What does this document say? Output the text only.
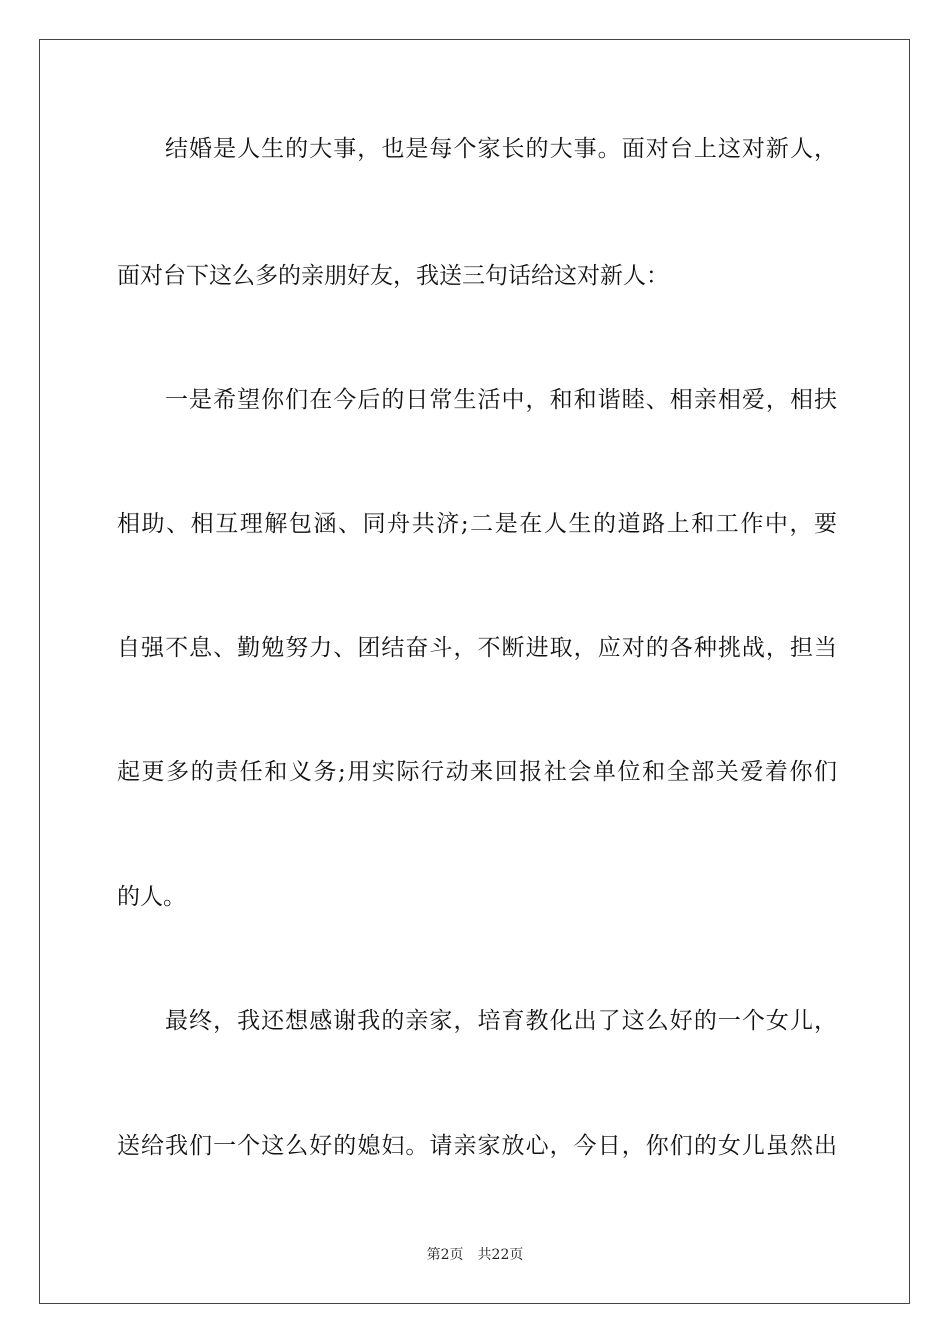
结婚是人生的大事，也是每个家长的大事。面对台上这对新人，
面对台下这么多的亲朋好友，我送三句话给这对新人：
一是希望你们在今后的日常生活中，和和谐睦、相亲相爱，相扶
相助、相互理解包涵、同舟共济;二是在人生的道路上和工作中，要
自强不息、勤勉努力、团结奋斗，不断进取，应对的各种挑战，担当
起更多的责任和义务;用实际行动来回报社会单位和全部关爱着你们
的人。
最终，我还想感谢我的亲家，培育教化出了这么好的一个女儿，
送给我们一个这么好的媳妇。请亲家放心，今日，你们的女儿虽然出
第2页 共22页
